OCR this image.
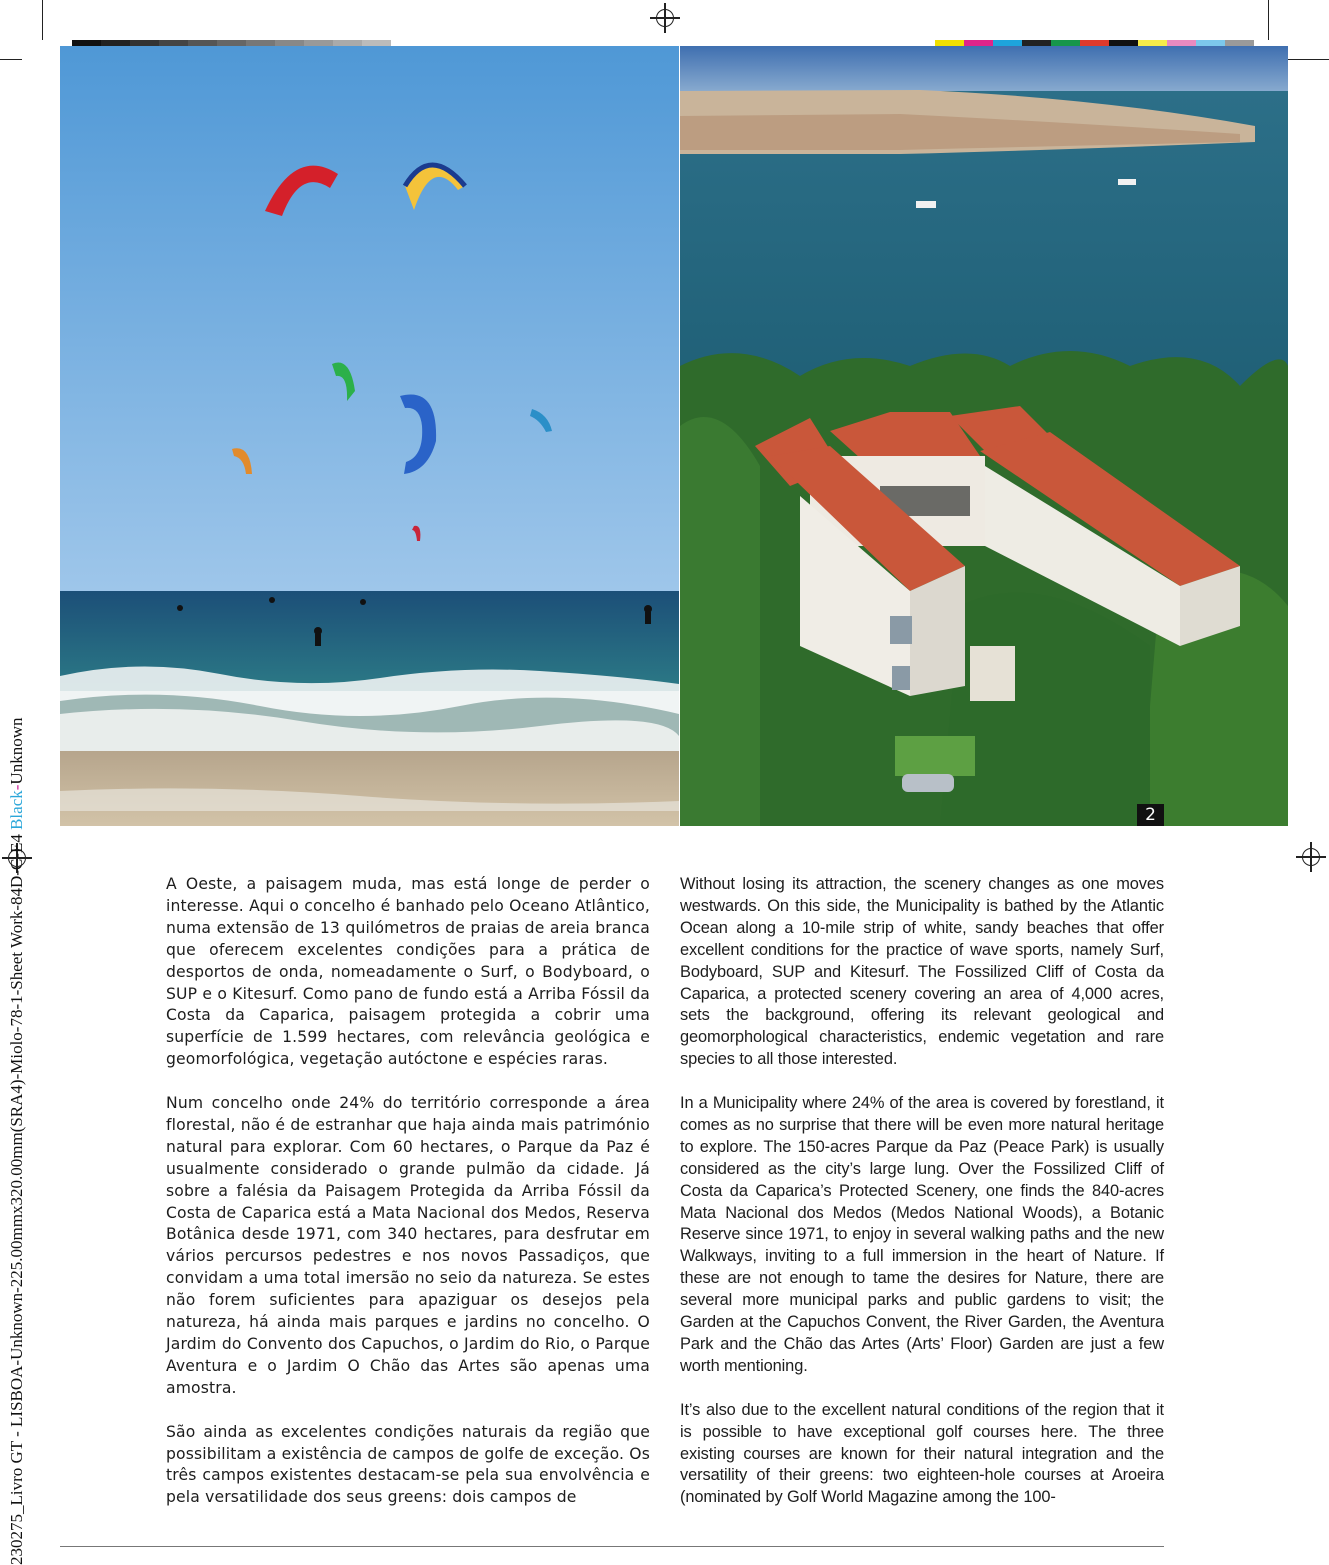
2
230275_Livro GT - LISBOA-Unknown-225.00mmx320.00mm(SRA4)-Miolo-78-1-Sheet Work-84D-C-E4 Black-Unknown

A Oeste, a paisagem muda, mas está longe de perder o interesse. Aqui o concelho é banhado pelo Oceano Atlântico, numa extensão de 13 quilómetros de praias de areia branca que oferecem excelentes condições para a prática de desportos de onda, nomeadamente o Surf, o Bodyboard, o SUP e o Kitesurf. Como pano de fundo está a Arriba Fóssil da Costa da Caparica, paisagem protegida a cobrir uma superfície de 1.599 hectares, com relevância geológica e geomorfológica, vegetação autóctone e espécies raras.

Num concelho onde 24% do território corresponde a área florestal, não é de estranhar que haja ainda mais património natural para explorar. Com 60 hectares, o Parque da Paz é usualmente considerado o grande pulmão da cidade. Já sobre a falésia da Paisagem Protegida da Arriba Fóssil da Costa de Caparica está a Mata Nacional dos Medos, Reserva Botânica desde 1971, com 340 hectares, para desfrutar em vários percursos pedestres e nos novos Passadiços, que convidam a uma total imersão no seio da natureza. Se estes não forem suficientes para apaziguar os desejos pela natureza, há ainda mais parques e jardins no concelho. O Jardim do Convento dos Capuchos, o Jardim do Rio, o Parque Aventura e o Jardim O Chão das Artes são apenas uma amostra.

São ainda as excelentes condições naturais da região que possibilitam a existência de campos de golfe de exceção. Os três campos existentes destacam-se pela sua envolvência e pela versatilidade dos seus greens: dois campos de

Without losing its attraction, the scenery changes as one moves westwards. On this side, the Municipality is bathed by the Atlantic Ocean along a 10-mile strip of white, sandy beaches that offer excellent conditions for the practice of wave sports, namely Surf, Bodyboard, SUP and Kitesurf. The Fossilized Cliff of Costa da Caparica, a protected scenery covering an area of 4,000 acres, sets the background, offering its relevant geological and geomorphological characteristics, endemic vegetation and rare species to all those interested.

In a Municipality where 24% of the area is covered by forestland, it comes as no surprise that there will be even more natural heritage to explore. The 150-acres Parque da Paz (Peace Park) is usually considered as the city’s large lung. Over the Fossilized Cliff of Costa da Caparica’s Protected Scenery, one finds the 840-acres Mata Nacional dos Medos (Medos National Woods), a Botanic Reserve since 1971, to enjoy in several walking paths and the new Walkways, inviting to a full immersion in the heart of Nature. If these are not enough to tame the desires for Nature, there are several more municipal parks and public gardens to visit; the Garden at the Capuchos Convent, the River Garden, the Aventura Park and the Chão das Artes (Arts’ Floor) Garden are just a few worth mentioning.

It’s also due to the excellent natural conditions of the region that it is possible to have exceptional golf courses here. The three existing courses are known for their natural integration and the versatility of their greens: two eighteen-hole courses at Aroeira (nominated by Golf World Magazine among the 100-
